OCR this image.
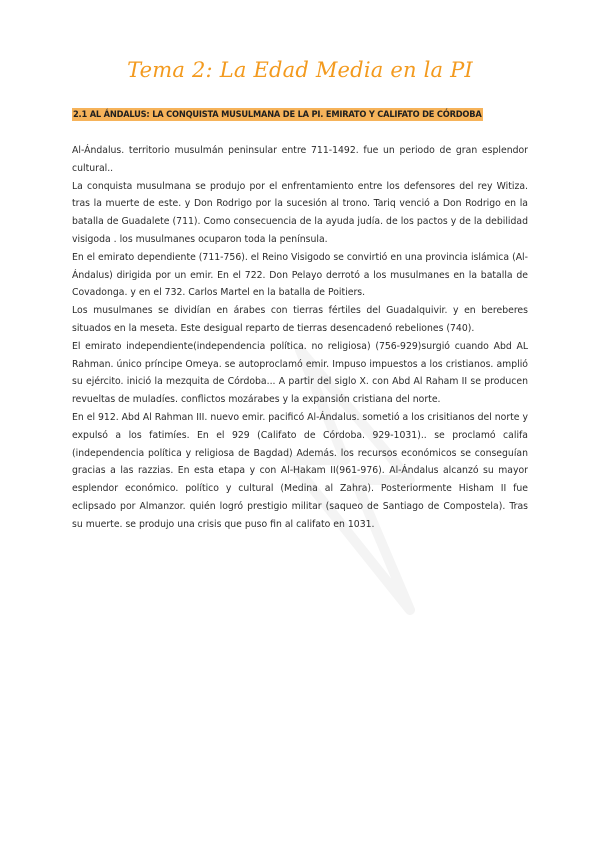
Tema 2: La Edad Media en la PI
2.1 AL ÁNDALUS: LA CONQUISTA MUSULMANA DE LA PI. EMIRATO Y CALIFATO DE CÓRDOBA

Al-Ándalus. territorio musulmán peninsular entre 711-1492. fue un periodo de gran esplendor cultural..

La conquista musulmana se produjo por el enfrentamiento entre los defensores del rey Witiza. tras la muerte de este. y Don Rodrigo por la sucesión al trono. Tariq venció a Don Rodrigo en la batalla de Guadalete (711). Como consecuencia de la ayuda judía. de los pactos y de la debilidad visigoda . los musulmanes ocuparon toda la península.

En el emirato dependiente (711-756). el Reino Visigodo se convirtió en una provincia islámica (Al-Ándalus) dirigida por un emir. En el 722. Don Pelayo derrotó a los musulmanes en la batalla de Covadonga. y en el 732. Carlos Martel en la batalla de Poitiers.

Los musulmanes se dividían en árabes con tierras fértiles del Guadalquivir. y en bereberes situados en la meseta. Este desigual reparto de tierras desencadenó rebeliones (740).

El emirato independiente(independencia política. no religiosa) (756-929)surgió cuando Abd AL Rahman. único príncipe Omeya. se autoproclamó emir. Impuso impuestos a los cristianos. amplió su ejército. inició la mezquita de Córdoba... A partir del siglo X. con Abd Al Raham II se producen revueltas de muladíes. conflictos mozárabes y la expansión cristiana del norte.

En el 912. Abd Al Rahman III. nuevo emir. pacificó Al-Ándalus. sometió a los crisitianos del norte y expulsó a los fatimíes. En el 929 (Califato de Córdoba. 929-1031).. se proclamó califa (independencia política y religiosa de Bagdad) Además. los recursos económicos se conseguían gracias a las razzias. En esta etapa y con Al-Hakam II(961-976). Al-Ándalus alcanzó su mayor esplendor económico. político y cultural (Medina al Zahra). Posteriormente Hisham II fue eclipsado por Almanzor. quién logró prestigio militar (saqueo de Santiago de Compostela). Tras su muerte. se produjo una crisis que puso fin al califato en 1031.
